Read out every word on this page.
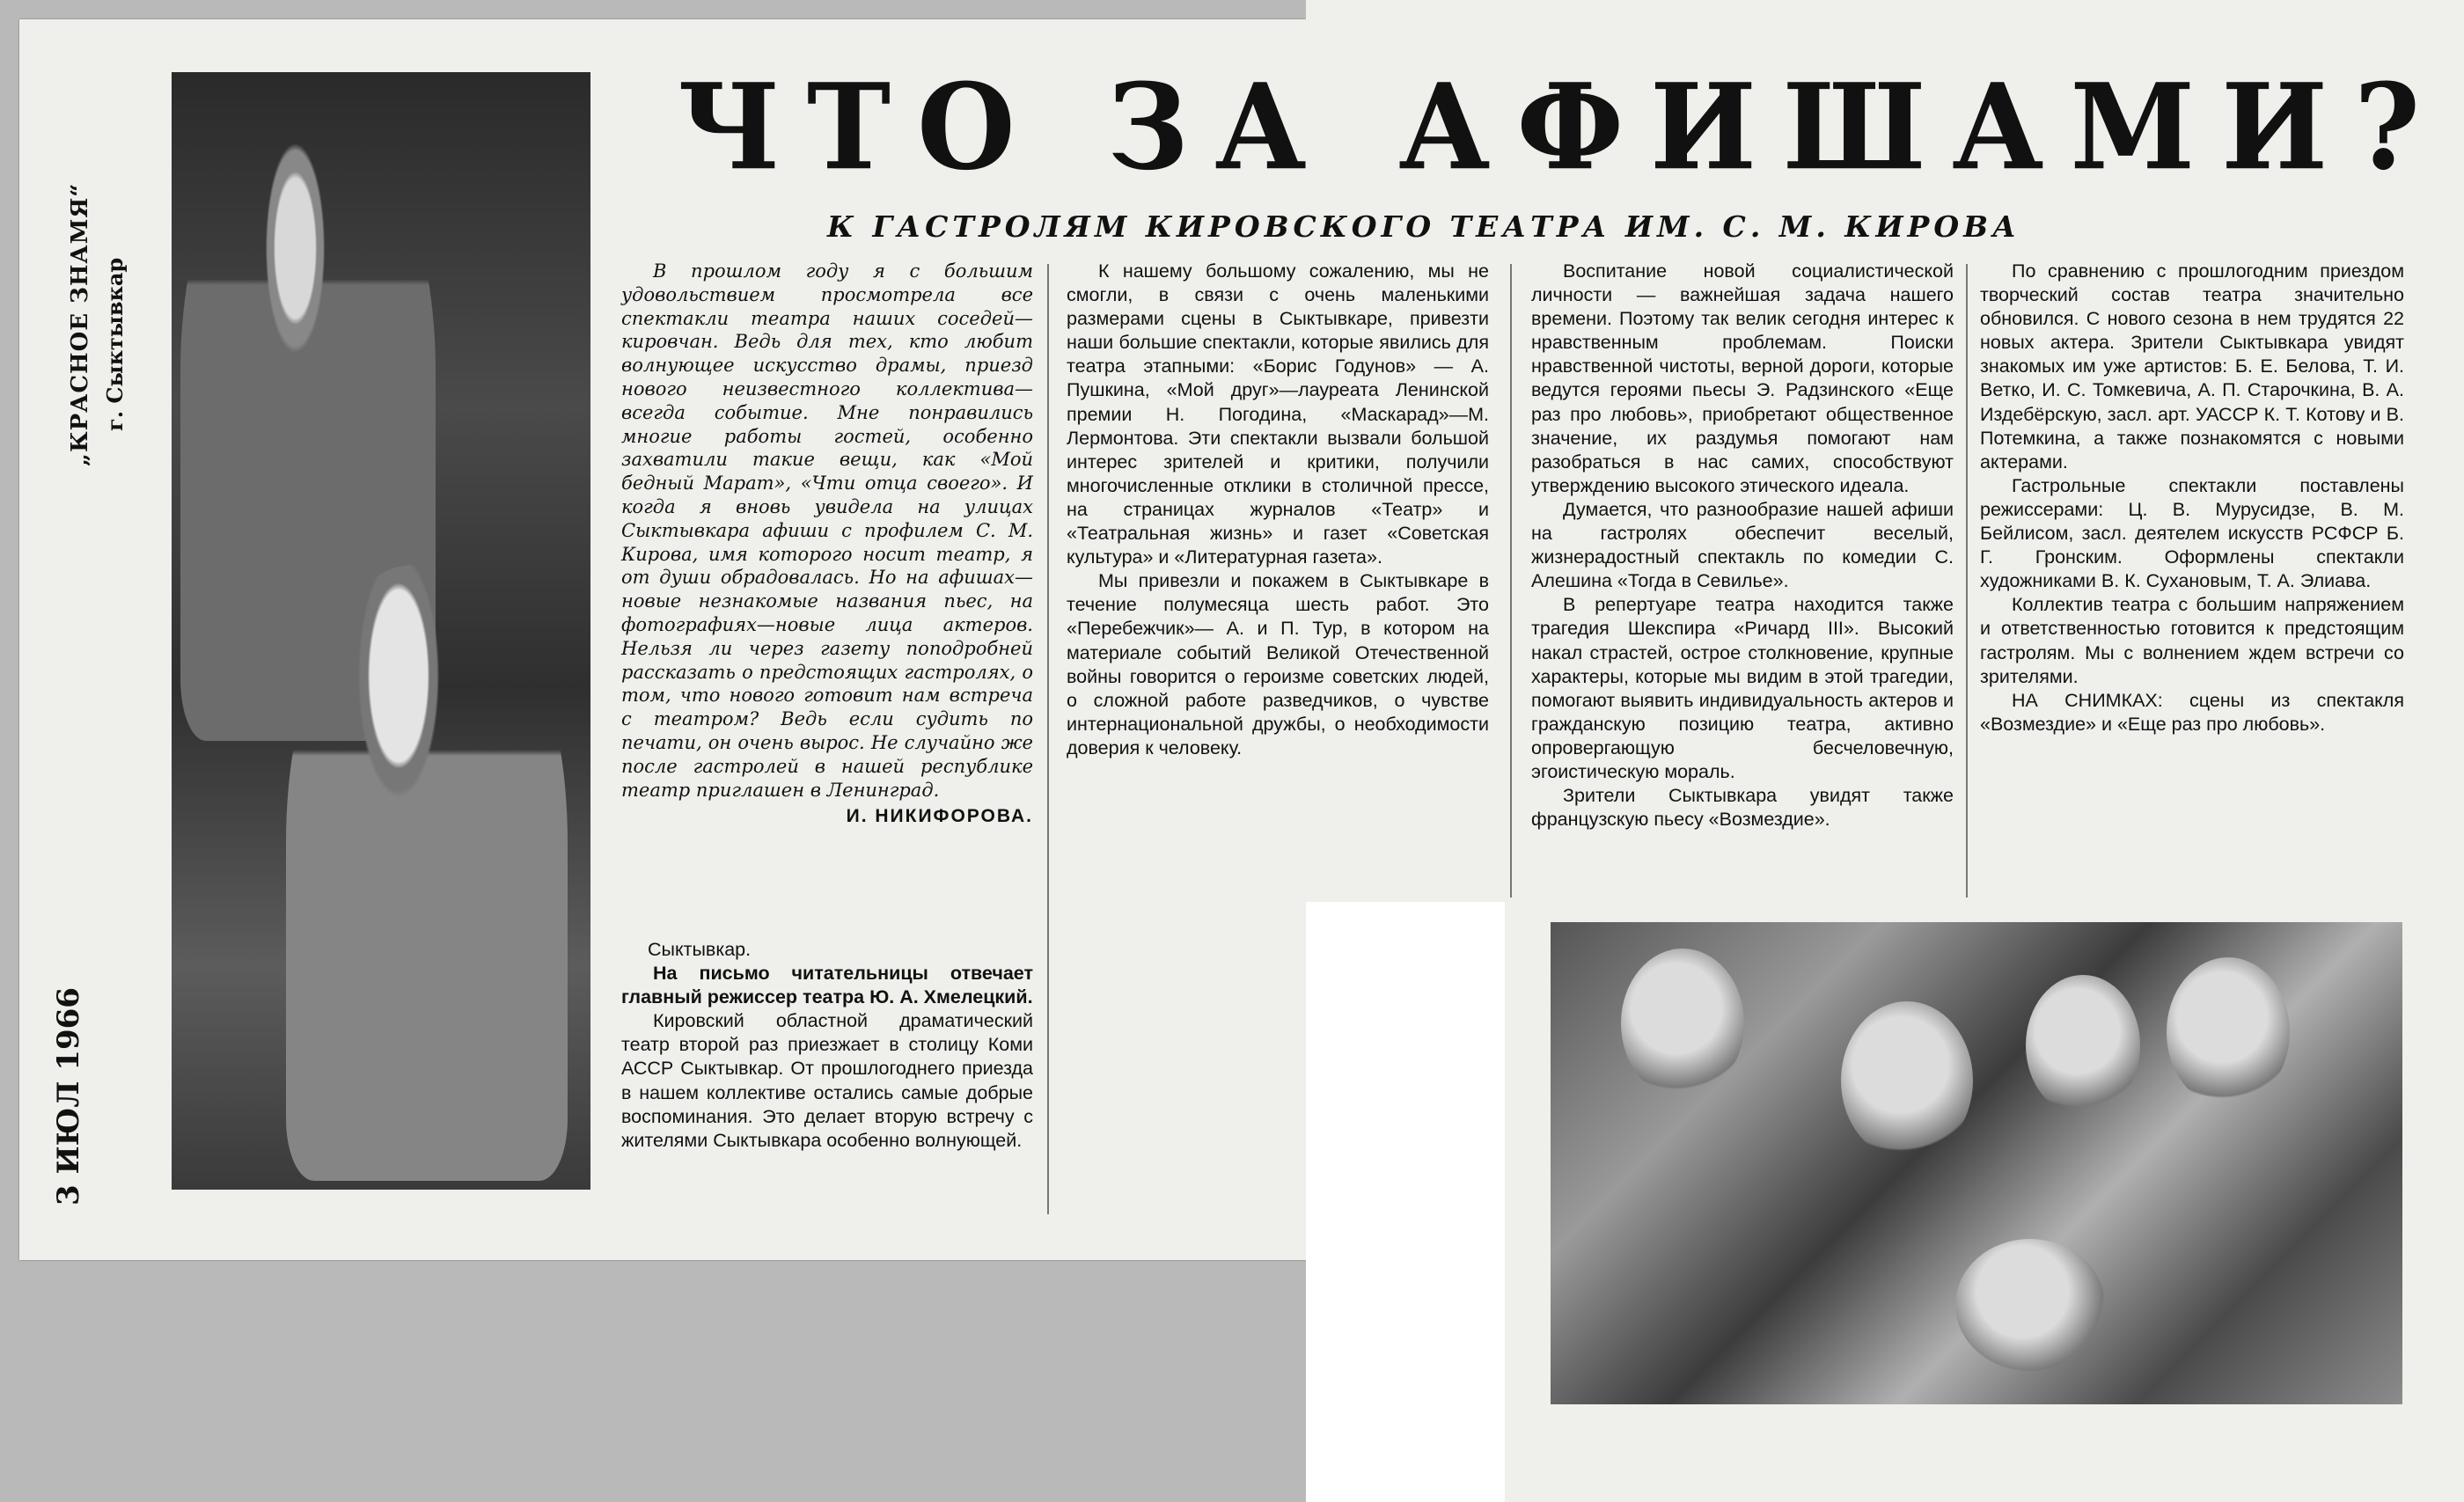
3 ИЮЛ 1966
„КРАСНОЕ ЗНАМЯ“ г. Сыктывкар
ЧТО ЗА АФИШАМИ?
К ГАСТРОЛЯМ КИРОВСКОГО ТЕАТРА ИМ. С. М. КИРОВА

В прошлом году я с большим удовольствием просмотрела все спектакли театра наших соседей— кировчан. Ведь для тех, кто любит волнующее искусство драмы, приезд нового неизвестного коллектива—всегда событие. Мне понравились многие работы гостей, особенно захватили такие вещи, как «Мой бедный Марат», «Чти отца своего». И когда я вновь увидела на улицах Сыктывкара афиши с профилем С. М. Кирова, имя которого носит театр, я от души обрадовалась. Но на афишах—новые незнакомые названия пьес, на фотографиях—новые лица актеров. Нельзя ли через газету поподробней рассказать о предстоящих гастролях, о том, что нового готовит нам встреча с театром? Ведь если судить по печати, он очень вырос. Не случайно же после гастролей в нашей республике театр приглашен в Ленинград.

И. НИКИФОРОВА.

Сыктывкар.

На письмо читательницы отвечает главный режиссер театра Ю. А. Хмелецкий.

Кировский областной драматический театр второй раз приезжает в столицу Коми АССР Сыктывкар. От прошлогоднего приезда в нашем коллективе остались самые добрые воспоминания. Это делает вторую встречу с жителями Сыктывкара особенно волнующей.

К нашему большому сожалению, мы не смогли, в связи с очень маленькими размерами сцены в Сыктывкаре, привезти наши большие спектакли, которые явились для театра этапными: «Борис Годунов» — А. Пушкина, «Мой друг»—лауреата Ленинской премии Н. Погодина, «Маскарад»—М. Лермонтова. Эти спектакли вызвали большой интерес зрителей и критики, получили многочисленные отклики в столичной прессе, на страницах журналов «Театр» и «Театральная жизнь» и газет «Советская культура» и «Литературная газета».

Мы привезли и покажем в Сыктывкаре в течение полумесяца шесть работ. Это «Перебежчик»— А. и П. Тур, в котором на материале событий Великой Отечественной войны говорится о героизме советских людей, о сложной работе разведчиков, о чувстве интернациональной дружбы, о необходимости доверия к человеку.

Воспитание новой социалистической личности — важнейшая задача нашего времени. Поэтому так велик сегодня интерес к нравственным проблемам. Поиски нравственной чистоты, верной дороги, которые ведутся героями пьесы Э. Радзинского «Еще раз про любовь», приобретают общественное значение, их раздумья помогают нам разобраться в нас самих, способствуют утверждению высокого этического идеала.

Думается, что разнообразие нашей афиши на гастролях обеспечит веселый, жизнерадостный спектакль по комедии С. Алешина «Тогда в Севилье».

В репертуаре театра находится также трагедия Шекспира «Ричард III». Высокий накал страстей, острое столкновение, крупные характеры, которые мы видим в этой трагедии, помогают выявить индивидуальность актеров и гражданскую позицию театра, активно опровергающую бесчеловечную, эгоистическую мораль.

Зрители Сыктывкара увидят также французскую пьесу «Возмездие».

По сравнению с прошлогодним приездом творческий состав театра значительно обновился. С нового сезона в нем трудятся 22 новых актера. Зрители Сыктывкара увидят знакомых им уже артистов: Б. Е. Белова, Т. И. Ветко, И. С. Томкевича, А. П. Старочкина, В. А. Издебёрскую, засл. арт. УАССР К. Т. Котову и В. Потемкина, а также познакомятся с новыми актерами.

Гастрольные спектакли поставлены режиссерами: Ц. В. Мурусидзе, В. М. Бейлисом, засл. деятелем искусств РСФСР Б. Г. Гронским. Оформлены спектакли художниками В. К. Сухановым, Т. А. Элиава.

Коллектив театра с большим напряжением и ответственностью готовится к предстоящим гастролям. Мы с волнением ждем встречи со зрителями.

НА СНИМКАХ: сцены из спектакля «Возмездие» и «Еще раз про любовь».
